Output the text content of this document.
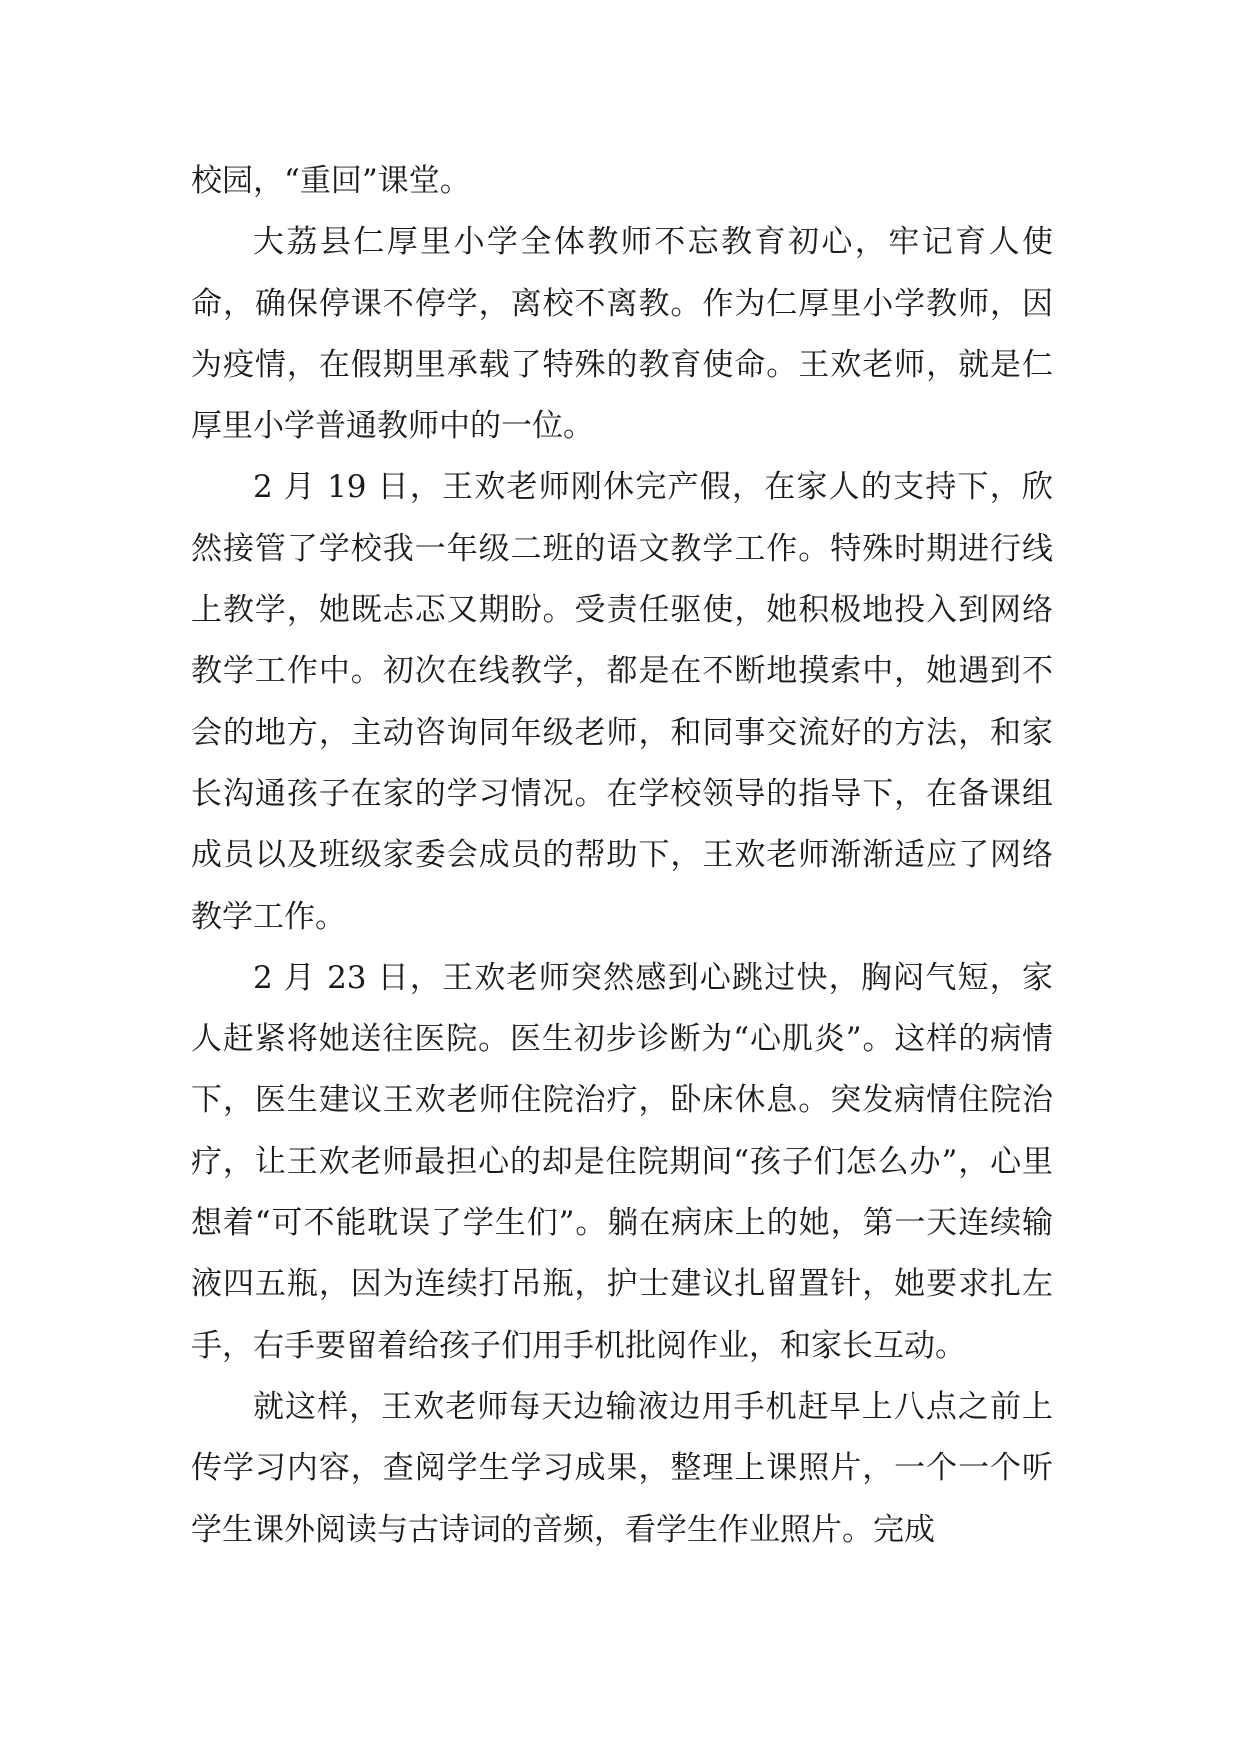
校园，“重回”课堂。

大荔县仁厚里小学全体教师不忘教育初心，牢记育人使命，确保停课不停学，离校不离教。作为仁厚里小学教师，因为疫情，在假期里承载了特殊的教育使命。王欢老师，就是仁厚里小学普通教师中的一位。

2 月 19 日，王欢老师刚休完产假，在家人的支持下，欣然接管了学校我一年级二班的语文教学工作。特殊时期进行线上教学，她既忐忑又期盼。受责任驱使，她积极地投入到网络教学工作中。初次在线教学，都是在不断地摸索中，她遇到不会的地方，主动咨询同年级老师，和同事交流好的方法，和家长沟通孩子在家的学习情况。在学校领导的指导下，在备课组成员以及班级家委会成员的帮助下，王欢老师渐渐适应了网络教学工作。

2 月 23 日，王欢老师突然感到心跳过快，胸闷气短，家人赶紧将她送往医院。医生初步诊断为“心肌炎”。这样的病情下，医生建议王欢老师住院治疗，卧床休息。突发病情住院治疗，让王欢老师最担心的却是住院期间“孩子们怎么办”，心里想着“可不能耽误了学生们”。躺在病床上的她，第一天连续输液四五瓶，因为连续打吊瓶，护士建议扎留置针，她要求扎左手，右手要留着给孩子们用手机批阅作业，和家长互动。

就这样，王欢老师每天边输液边用手机赶早上八点之前上传学习内容，查阅学生学习成果，整理上课照片，一个一个听学生课外阅读与古诗词的音频，看学生作业照片。完成
